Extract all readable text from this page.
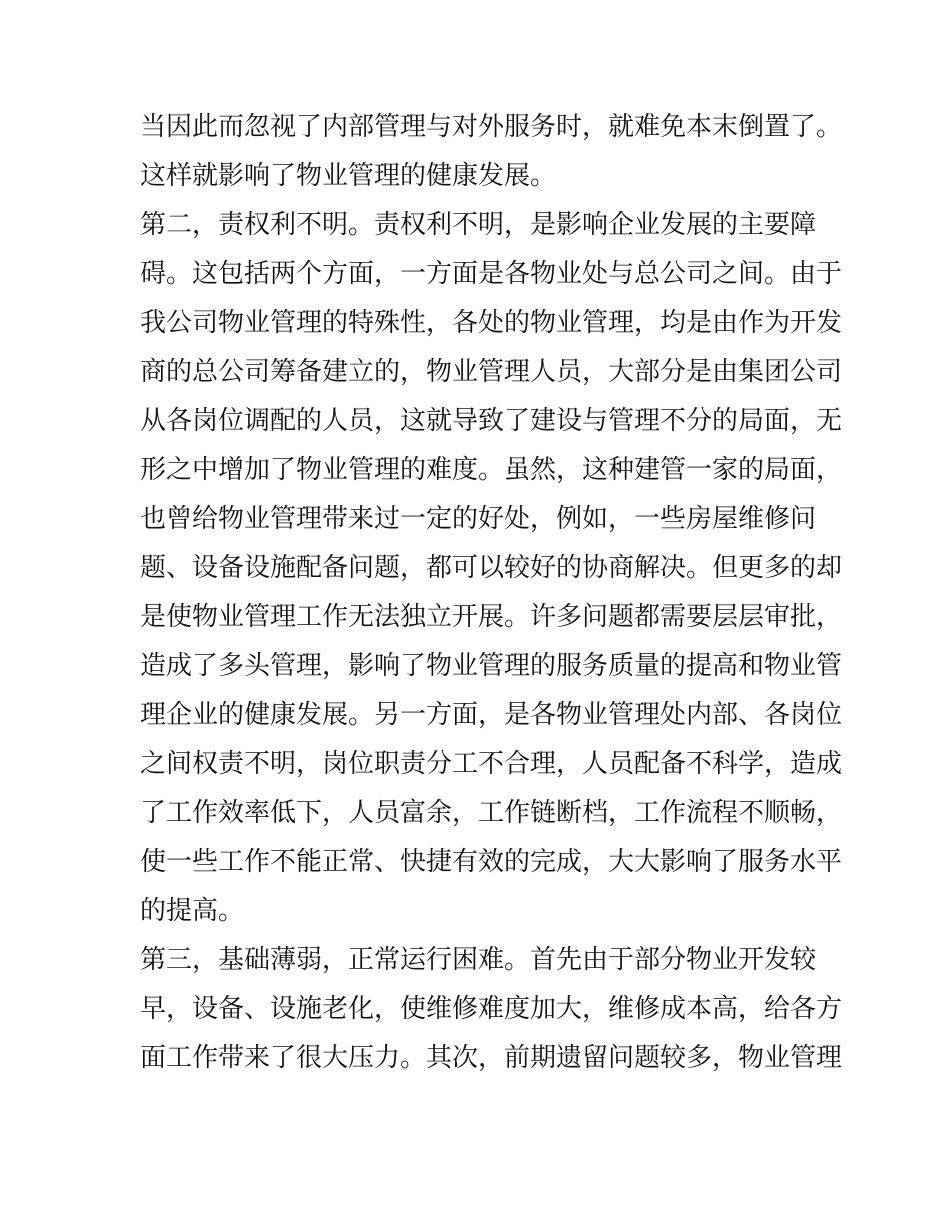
当因此而忽视了内部管理与对外服务时，就难免本末倒置了。
这样就影响了物业管理的健康发展。
第二，责权利不明。责权利不明，是影响企业发展的主要障
碍。这包括两个方面，一方面是各物业处与总公司之间。由于
我公司物业管理的特殊性，各处的物业管理，均是由作为开发
商的总公司筹备建立的，物业管理人员，大部分是由集团公司
从各岗位调配的人员，这就导致了建设与管理不分的局面，无
形之中增加了物业管理的难度。虽然，这种建管一家的局面，
也曾给物业管理带来过一定的好处，例如，一些房屋维修问
题、设备设施配备问题，都可以较好的协商解决。但更多的却
是使物业管理工作无法独立开展。许多问题都需要层层审批，
造成了多头管理，影响了物业管理的服务质量的提高和物业管
理企业的健康发展。另一方面，是各物业管理处内部、各岗位
之间权责不明，岗位职责分工不合理，人员配备不科学，造成
了工作效率低下，人员富余，工作链断档，工作流程不顺畅，
使一些工作不能正常、快捷有效的完成，大大影响了服务水平
的提高。
第三，基础薄弱，正常运行困难。首先由于部分物业开发较
早，设备、设施老化，使维修难度加大，维修成本高，给各方
面工作带来了很大压力。其次，前期遗留问题较多，物业管理
